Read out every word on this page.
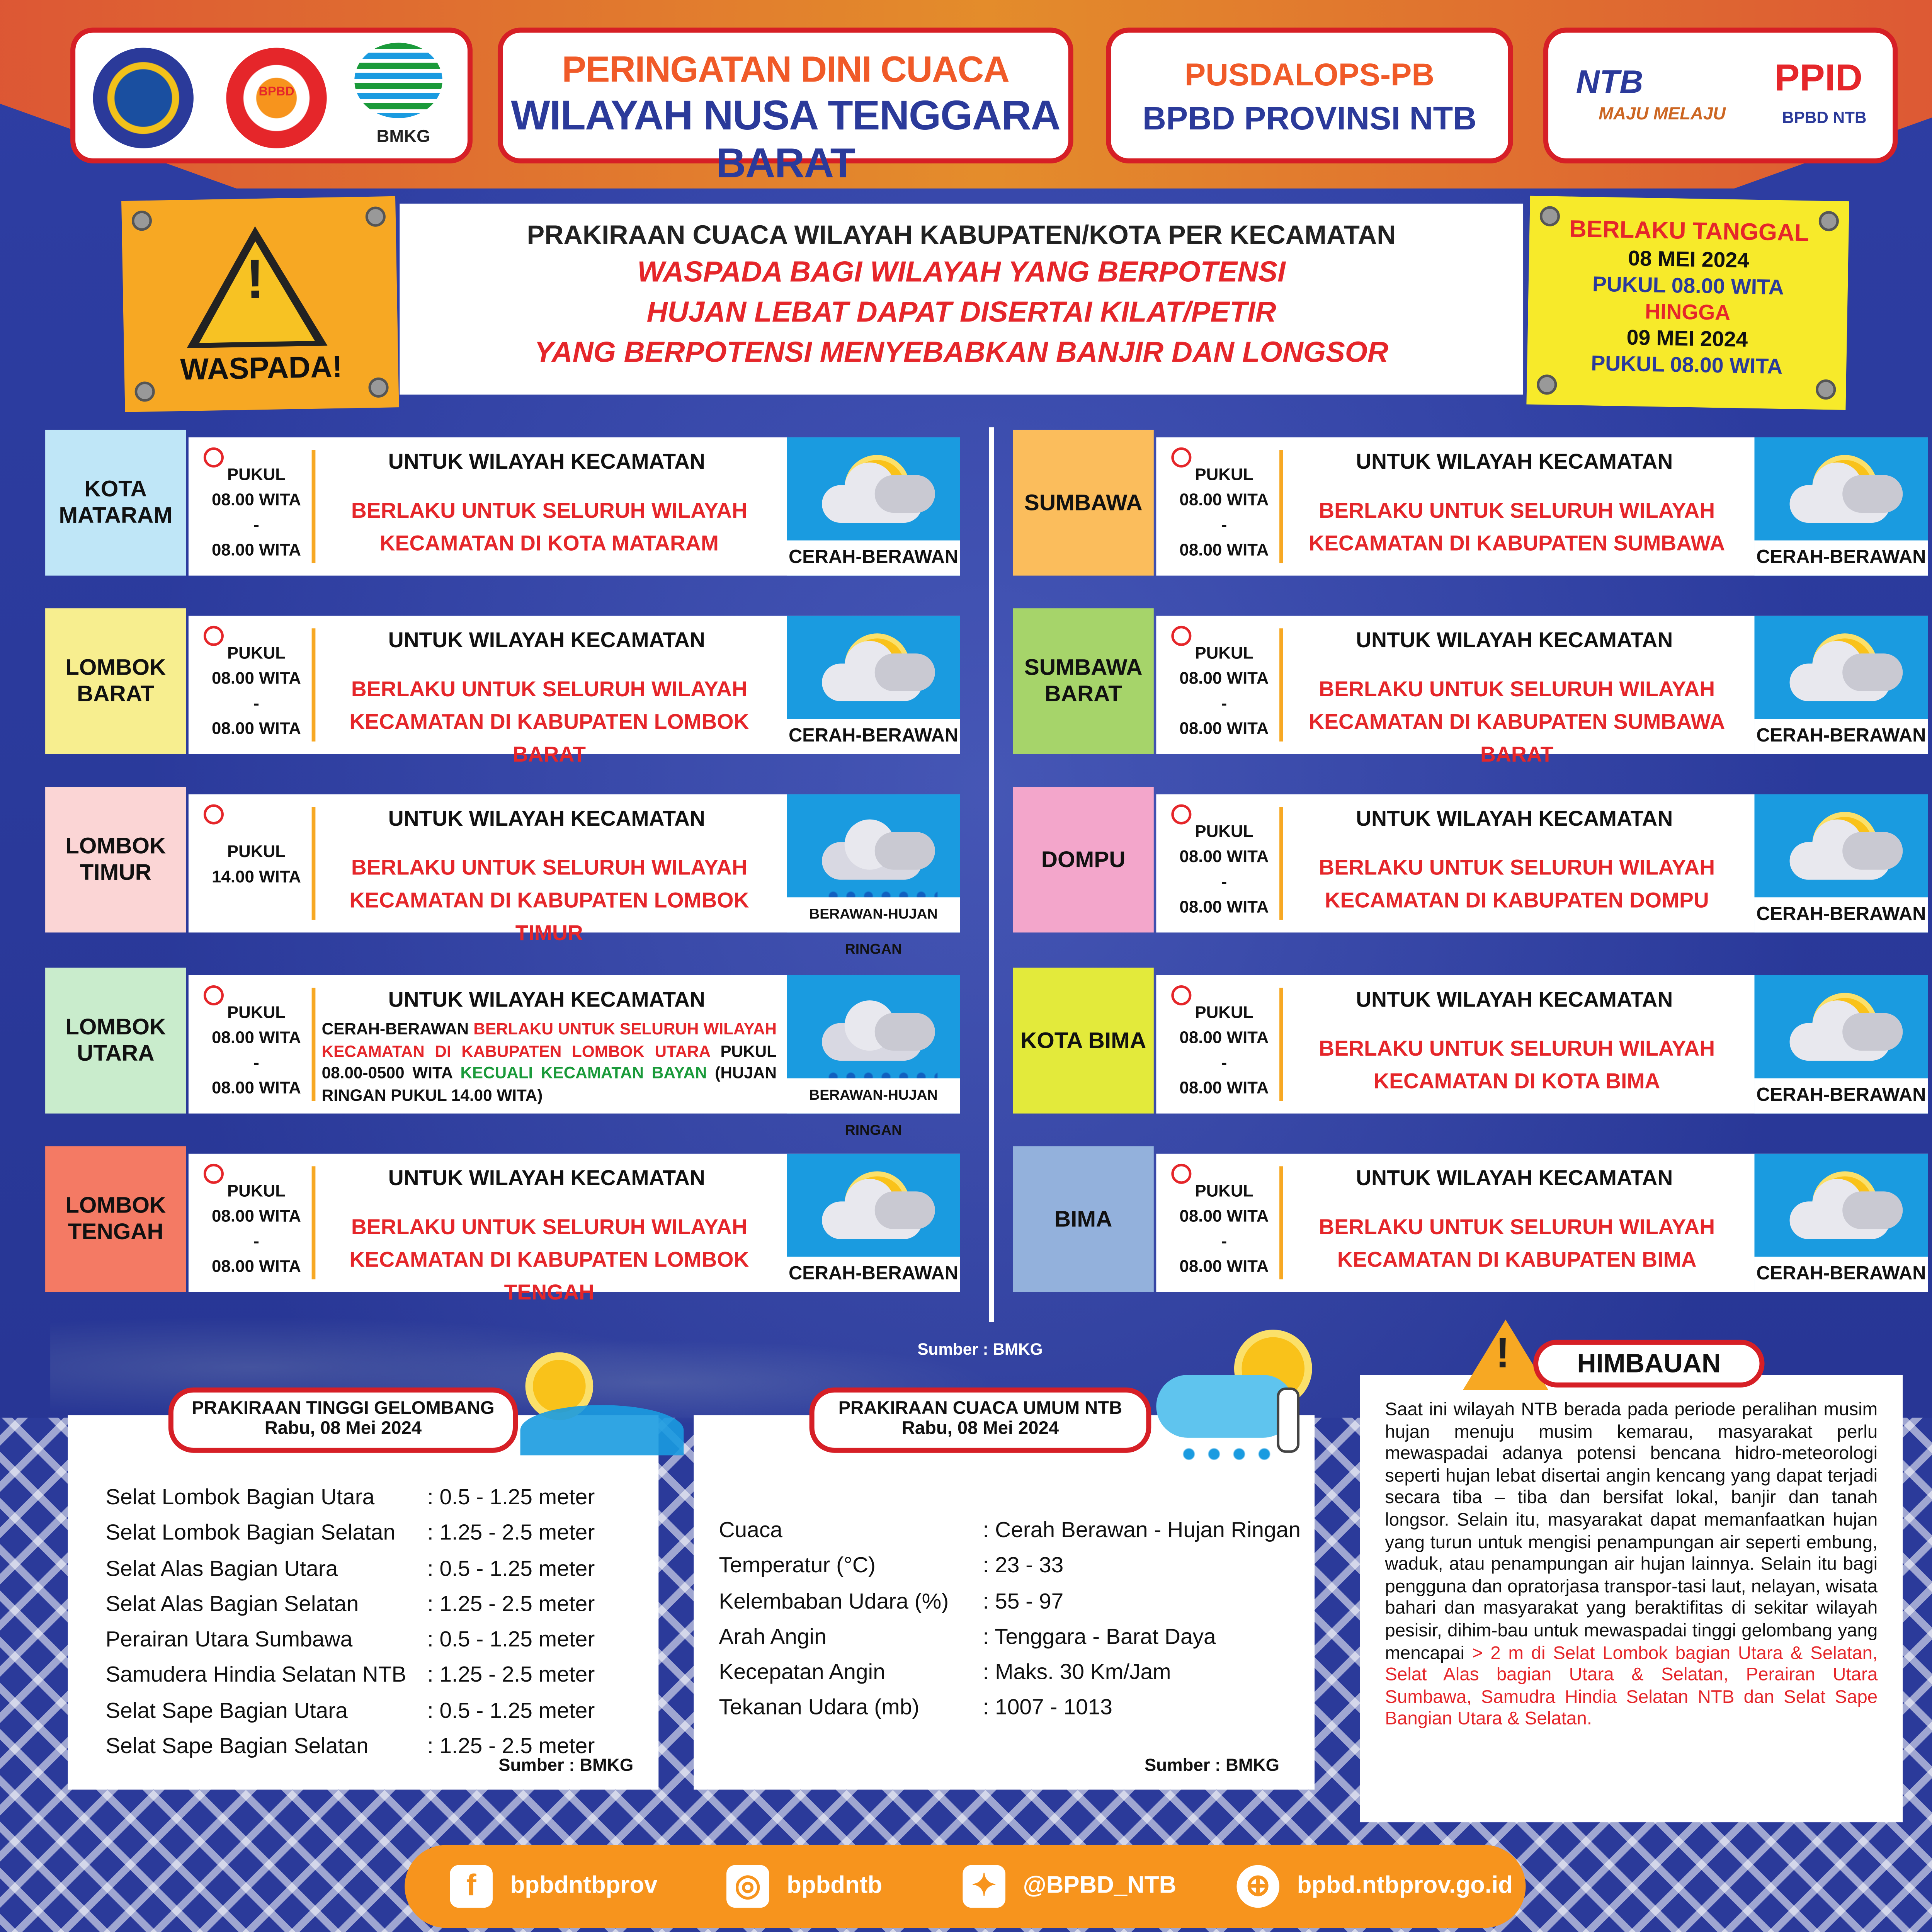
BPBD
BMKG
PERINGATAN DINI CUACA
WILAYAH NUSA TENGGARA BARAT
PUSDALOPS-PB
BPBD PROVINSI NTB
NTB
MAJU MELAJU
PPID
BPBD NTB
!
WASPADA!
PRAKIRAAN CUACA WILAYAH KABUPATEN/KOTA PER KECAMATAN
WASPADA BAGI WILAYAH YANG BERPOTENSI
HUJAN LEBAT DAPAT DISERTAI KILAT/PETIR
YANG BERPOTENSI MENYEBABKAN BANJIR DAN LONGSOR
BERLAKU TANGGAL
08 MEI 2024
PUKUL 08.00 WITA
HINGGA
09 MEI 2024
PUKUL 08.00 WITA
KOTA MATARAM
PUKUL
08.00 WITA
-
08.00 WITA
UNTUK WILAYAH KECAMATAN
BERLAKU UNTUK SELURUH WILAYAH KECAMATAN DI KOTA MATARAM
CERAH-BERAWAN
LOMBOK BARAT
PUKUL
08.00 WITA
-
08.00 WITA
UNTUK WILAYAH KECAMATAN
BERLAKU UNTUK SELURUH WILAYAH KECAMATAN DI KABUPATEN LOMBOK BARAT
CERAH-BERAWAN
LOMBOK TIMUR
PUKUL
14.00 WITA
UNTUK WILAYAH KECAMATAN
BERLAKU UNTUK SELURUH WILAYAH KECAMATAN DI KABUPATEN LOMBOK TIMUR
BERAWAN-HUJAN RINGAN
LOMBOK UTARA
PUKUL
08.00 WITA
-
08.00 WITA
UNTUK WILAYAH KECAMATAN
CERAH-BERAWAN BERLAKU UNTUK SELURUH WILAYAH KECAMATAN DI KABUPATEN LOMBOK UTARA PUKUL 08.00-0500 WITA KECUALI KECAMATAN BAYAN (HUJAN RINGAN PUKUL 14.00 WITA)	BERAWAN-HUJAN RINGAN
LOMBOK TENGAH
PUKUL
08.00 WITA
-
08.00 WITA
UNTUK WILAYAH KECAMATAN
BERLAKU UNTUK SELURUH WILAYAH KECAMATAN DI KABUPATEN LOMBOK TENGAH
CERAH-BERAWAN
SUMBAWA
PUKUL
08.00 WITA
-
08.00 WITA
UNTUK WILAYAH KECAMATAN
BERLAKU UNTUK SELURUH WILAYAH KECAMATAN DI KABUPATEN SUMBAWA
CERAH-BERAWAN
SUMBAWA BARAT
PUKUL
08.00 WITA
-
08.00 WITA
UNTUK WILAYAH KECAMATAN
BERLAKU UNTUK SELURUH WILAYAH KECAMATAN DI KABUPATEN SUMBAWA BARAT
CERAH-BERAWAN
DOMPU
PUKUL
08.00 WITA
-
08.00 WITA
UNTUK WILAYAH KECAMATAN
BERLAKU UNTUK SELURUH WILAYAH KECAMATAN DI KABUPATEN DOMPU
CERAH-BERAWAN
KOTA BIMA
PUKUL
08.00 WITA
-
08.00 WITA
UNTUK WILAYAH KECAMATAN
BERLAKU UNTUK SELURUH WILAYAH KECAMATAN DI KOTA BIMA
CERAH-BERAWAN
BIMA
PUKUL
08.00 WITA
-
08.00 WITA
UNTUK WILAYAH KECAMATAN
BERLAKU UNTUK SELURUH WILAYAH KECAMATAN DI KABUPATEN BIMA
CERAH-BERAWAN
Sumber : BMKG
Selat Lombok Bagian Utara	: 0.5 - 1.25 meter
Selat Lombok Bagian Selatan	: 1.25 - 2.5 meter
Selat Alas Bagian Utara	: 0.5 - 1.25 meter
Selat Alas Bagian Selatan	: 1.25 - 2.5 meter
Perairan Utara Sumbawa	: 0.5 - 1.25 meter
Samudera Hindia Selatan NTB	: 1.25 - 2.5 meter
Selat Sape Bagian Utara	: 0.5 - 1.25 meter
Selat Sape Bagian Selatan	: 1.25 - 2.5 meter
Sumber : BMKG
PRAKIRAAN TINGGI GELOMBANG
Rabu, 08 Mei 2024
Cuaca	: Cerah Berawan - Hujan Ringan
Temperatur (°C)	: 23 - 33
Kelembaban Udara (%)	: 55 - 97
Arah Angin	: Tenggara - Barat Daya
Kecepatan Angin	: Maks. 30 Km/Jam
Tekanan Udara (mb)	: 1007 - 1013
Sumber : BMKG
PRAKIRAAN CUACA UMUM NTB
Rabu, 08 Mei 2024
Saat ini wilayah NTB berada pada periode peralihan musim hujan menuju musim kemarau, masyarakat perlu mewaspadai adanya potensi bencana hidro-meteorologi seperti hujan lebat disertai angin kencang yang dapat terjadi secara tiba – tiba dan bersifat lokal, banjir dan tanah longsor. Selain itu, masyarakat dapat memanfaatkan hujan yang turun untuk mengisi penampungan air seperti embung, waduk, atau penampungan air hujan lainnya. Selain itu bagi pengguna dan opratorjasa transpor-tasi laut, nelayan, wisata bahari dan masyarakat yang beraktifitas di sekitar wilayah pesisir, dihim-bau untuk mewaspadai tinggi gelombang yang mencapai > 2 m di Selat Lombok bagian Utara & Selatan, Selat Alas bagian Utara & Selatan, Perairan Utara Sumbawa, Samudra Hindia Selatan NTB dan Selat Sape Bangian Utara & Selatan.
!	HIMBAUAN
f	bpbdntbprov	◎	bpbdntb	✦	@BPBD_NTB	⊕	bpbd.ntbprov.go.id
